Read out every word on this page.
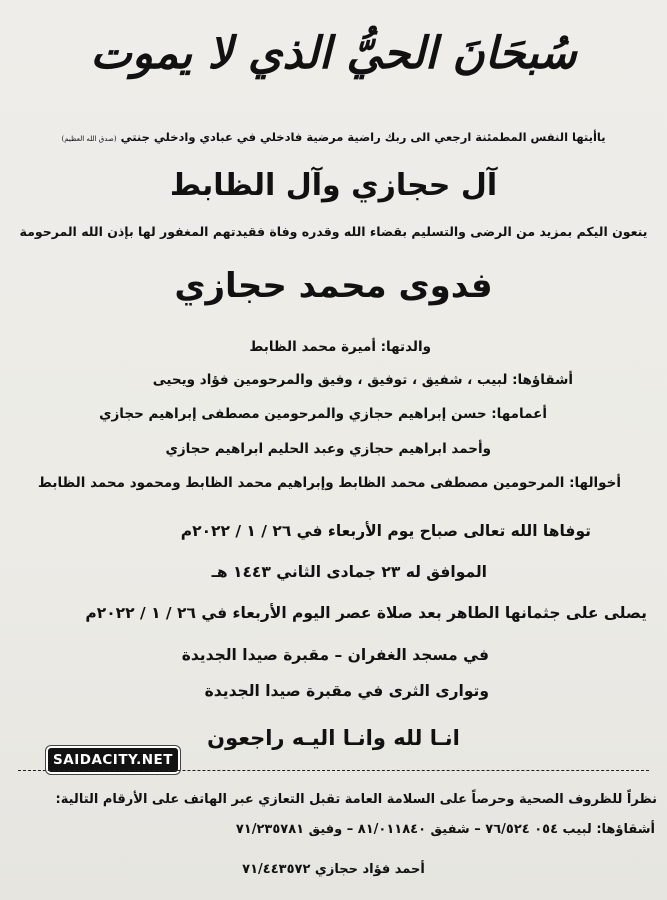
سُبحَانَ الحيُّ الذي لا يموت
ياأيتها النفس المطمئنة ارجعي الى ربك راضية مرضية فادخلي في عبادي وادخلي جنتي (صدق الله العظيم)
آل حجازي وآل الظابط
ينعون اليكم بمزيد من الرضى والتسليم بقضاء الله وقدره وفاة فقيدتهم المغفور لها بإذن الله المرحومة
فدوى محمد حجازي
والدتها: أميرة محمد الظابط
أشقاؤها: لبيب ، شفيق ، توفيق ، وفيق والمرحومين فؤاد ويحيى
أعمامها: حسن إبراهيم حجازي والمرحومين مصطفى إبراهيم حجازي
وأحمد ابراهيم حجازي وعبد الحليم ابراهيم حجازي
أخوالها: المرحومين مصطفى محمد الظابط وإبراهيم محمد الظابط ومحمود محمد الظابط
توفاها الله تعالى صباح يوم الأربعاء في ٢٦ / ١ / ٢٠٢٢م
الموافق له ٢٣ جمادى الثاني ١٤٤٣ هـ
يصلى على جثمانها الطاهر بعد صلاة عصر اليوم الأربعاء في ٢٦ / ١ / ٢٠٢٢م
في مسجد الغفران – مقبرة صيدا الجديدة
وتوارى الثرى في مقبرة صيدا الجديدة
انـا لله وانـا اليـه راجعون
SAIDACITY.NET
نظراً للظروف الصحية وحرصاً على السلامة العامة تقبل التعازي عبر الهاتف على الأرقام التالية:
أشقاؤها: لبيب ٠٥٤ ٧٦/٥٢٤ – شفيق ٨١/٠١١٨٤٠ – وفيق ٧١/٢٣٥٧٨١
أحمد فؤاد حجازي ٧١/٤٤٣٥٧٢
